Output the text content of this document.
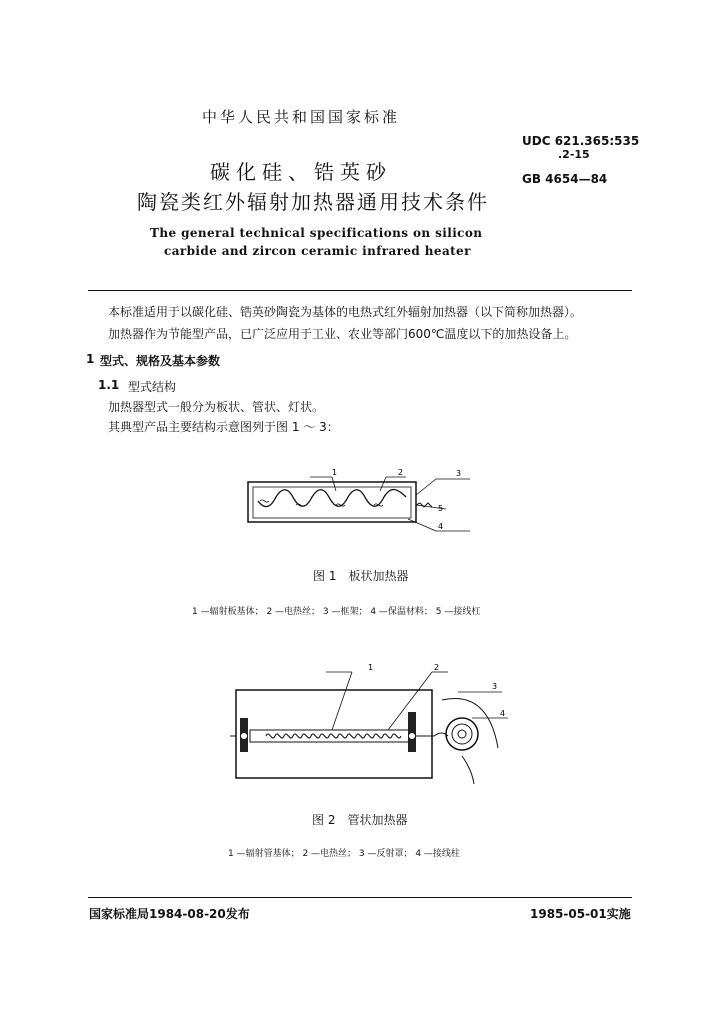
中华人民共和国国家标准
UDC 621.365:535
.2-15
GB 4654—84
碳化硅、锆英砂
陶瓷类红外辐射加热器通用技术条件
The general technical specifications on silicon
carbide and zircon ceramic infrared heater
本标准适用于以碳化硅、锆英砂陶瓷为基体的电热式红外辐射加热器（以下简称加热器）。
加热器作为节能型产品，已广泛应用于工业、农业等部门600℃温度以下的加热设备上。
1 型式、规格及基本参数
1.1 型式结构
加热器型式一般分为板状、管状、灯状。
其典型产品主要结构示意图列于图 1 ～ 3：
1	2	3
5
4
图 1　板状加热器
1 —辐射板基体； 2 —电热丝； 3 —框架； 4 —保温材料； 5 —接线杠
1	2
3
4
图 2　管状加热器
1 —辐射管基体； 2 —电热丝； 3 —反射罩； 4 —接线柱
国家标准局1984-08-20发布	1985-05-01实施
